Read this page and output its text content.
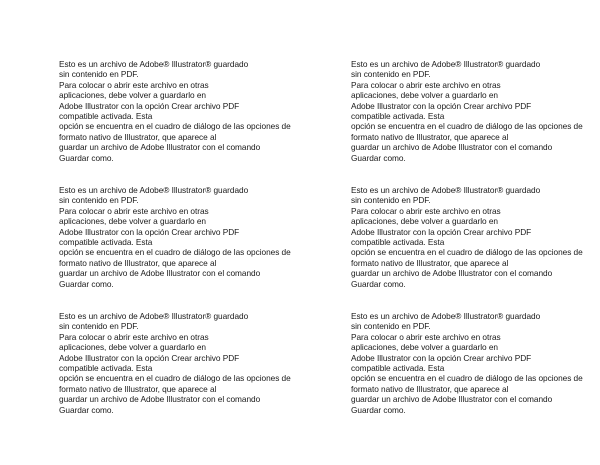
Esto es un archivo de Adobe® Illustrator® guardado
sin contenido en PDF.
Para colocar o abrir este archivo en otras
aplicaciones, debe volver a guardarlo en
Adobe Illustrator con la opción Crear archivo PDF
compatible activada. Esta
opción se encuentra en el cuadro de diálogo de las opciones de
formato nativo de Illustrator, que aparece al
guardar un archivo de Adobe Illustrator con el comando
Guardar como.
Esto es un archivo de Adobe® Illustrator® guardado
sin contenido en PDF.
Para colocar o abrir este archivo en otras
aplicaciones, debe volver a guardarlo en
Adobe Illustrator con la opción Crear archivo PDF
compatible activada. Esta
opción se encuentra en el cuadro de diálogo de las opciones de
formato nativo de Illustrator, que aparece al
guardar un archivo de Adobe Illustrator con el comando
Guardar como.
Esto es un archivo de Adobe® Illustrator® guardado
sin contenido en PDF.
Para colocar o abrir este archivo en otras
aplicaciones, debe volver a guardarlo en
Adobe Illustrator con la opción Crear archivo PDF
compatible activada. Esta
opción se encuentra en el cuadro de diálogo de las opciones de
formato nativo de Illustrator, que aparece al
guardar un archivo de Adobe Illustrator con el comando
Guardar como.
Esto es un archivo de Adobe® Illustrator® guardado
sin contenido en PDF.
Para colocar o abrir este archivo en otras
aplicaciones, debe volver a guardarlo en
Adobe Illustrator con la opción Crear archivo PDF
compatible activada. Esta
opción se encuentra en el cuadro de diálogo de las opciones de
formato nativo de Illustrator, que aparece al
guardar un archivo de Adobe Illustrator con el comando
Guardar como.
Esto es un archivo de Adobe® Illustrator® guardado
sin contenido en PDF.
Para colocar o abrir este archivo en otras
aplicaciones, debe volver a guardarlo en
Adobe Illustrator con la opción Crear archivo PDF
compatible activada. Esta
opción se encuentra en el cuadro de diálogo de las opciones de
formato nativo de Illustrator, que aparece al
guardar un archivo de Adobe Illustrator con el comando
Guardar como.
Esto es un archivo de Adobe® Illustrator® guardado
sin contenido en PDF.
Para colocar o abrir este archivo en otras
aplicaciones, debe volver a guardarlo en
Adobe Illustrator con la opción Crear archivo PDF
compatible activada. Esta
opción se encuentra en el cuadro de diálogo de las opciones de
formato nativo de Illustrator, que aparece al
guardar un archivo de Adobe Illustrator con el comando
Guardar como.
